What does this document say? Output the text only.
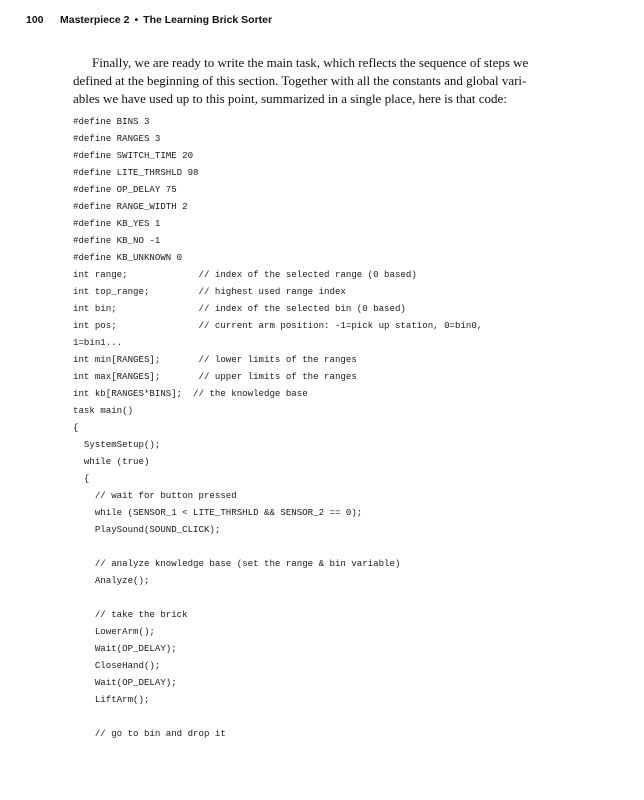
100 Masterpiece 2 • The Learning Brick Sorter
Finally, we are ready to write the main task, which reflects the sequence of steps we
defined at the beginning of this section. Together with all the constants and global vari-
ables we have used up to this point, summarized in a single place, here is that code:
#define BINS 3
#define RANGES 3
#define SWITCH_TIME 20
#define LITE_THRSHLD 98
#define OP_DELAY 75
#define RANGE_WIDTH 2
#define KB_YES 1
#define KB_NO -1
#define KB_UNKNOWN 0
int range;             // index of the selected range (0 based)
int top_range;         // highest used range index
int bin;               // index of the selected bin (0 based)
int pos;               // current arm position: -1=pick up station, 0=bin0,
1=bin1...
int min[RANGES];       // lower limits of the ranges
int max[RANGES];       // upper limits of the ranges
int kb[RANGES*BINS];  // the knowledge base
task main()
{
SystemSetup();
while (true)
{
// wait for button pressed
while (SENSOR_1 < LITE_THRSHLD && SENSOR_2 == 0);
PlaySound(SOUND_CLICK);
// analyze knowledge base (set the range & bin variable)
Analyze();
// take the brick
LowerArm();
Wait(OP_DELAY);
CloseHand();
Wait(OP_DELAY);
LiftArm();
// go to bin and drop it
